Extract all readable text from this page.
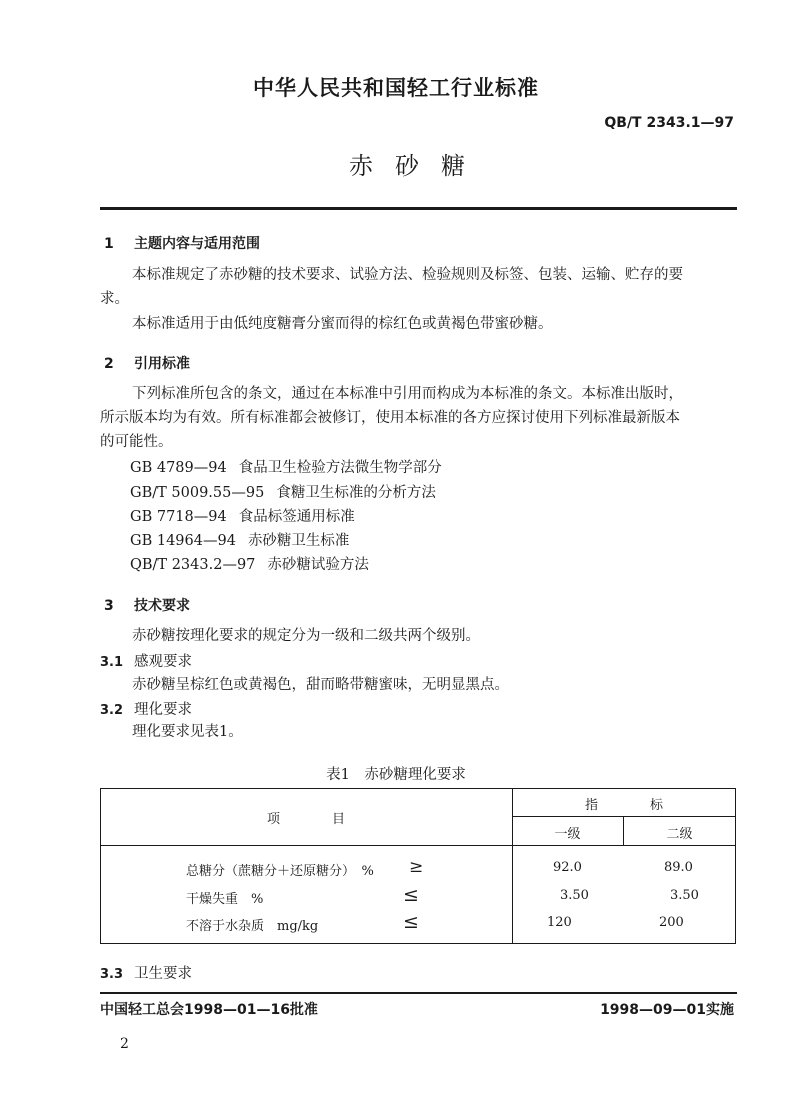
中华人民共和国轻工行业标准
QB/T 2343.1—97
赤砂糖
1 主题内容与适用范围
本标准规定了赤砂糖的技术要求、试验方法、检验规则及标签、包装、运输、贮存的要
求。
本标准适用于由低纯度糖膏分蜜而得的棕红色或黄褐色带蜜砂糖。
2 引用标准
下列标准所包含的条文，通过在本标准中引用而构成为本标准的条文。本标准出版时，
所示版本均为有效。所有标准都会被修订，使用本标准的各方应探讨使用下列标准最新版本
的可能性。
GB 4789—94 食品卫生检验方法微生物学部分
GB/T 5009.55—95 食糖卫生标准的分析方法
GB 7718—94 食品标签通用标准
GB 14964—94 赤砂糖卫生标准
QB/T 2343.2—97 赤砂糖试验方法
3 技术要求
赤砂糖按理化要求的规定分为一级和二级共两个级别。
3.1 感观要求
赤砂糖呈棕红色或黄褐色，甜而略带糖蜜味，无明显黑点。
3.2 理化要求
理化要求见表1。
表1　赤砂糖理化要求
项　　　　目
指　　　　标
一级	二级
总糖分（蔗糖分＋还原糖分）　% ≥	92.0	89.0
干燥失重　%	≤	3.50	3.50
不溶于水杂质　mg/kg	≤	120	200
3.3 卫生要求
中国轻工总会1998—01—16批准	1998—09—01实施
2
